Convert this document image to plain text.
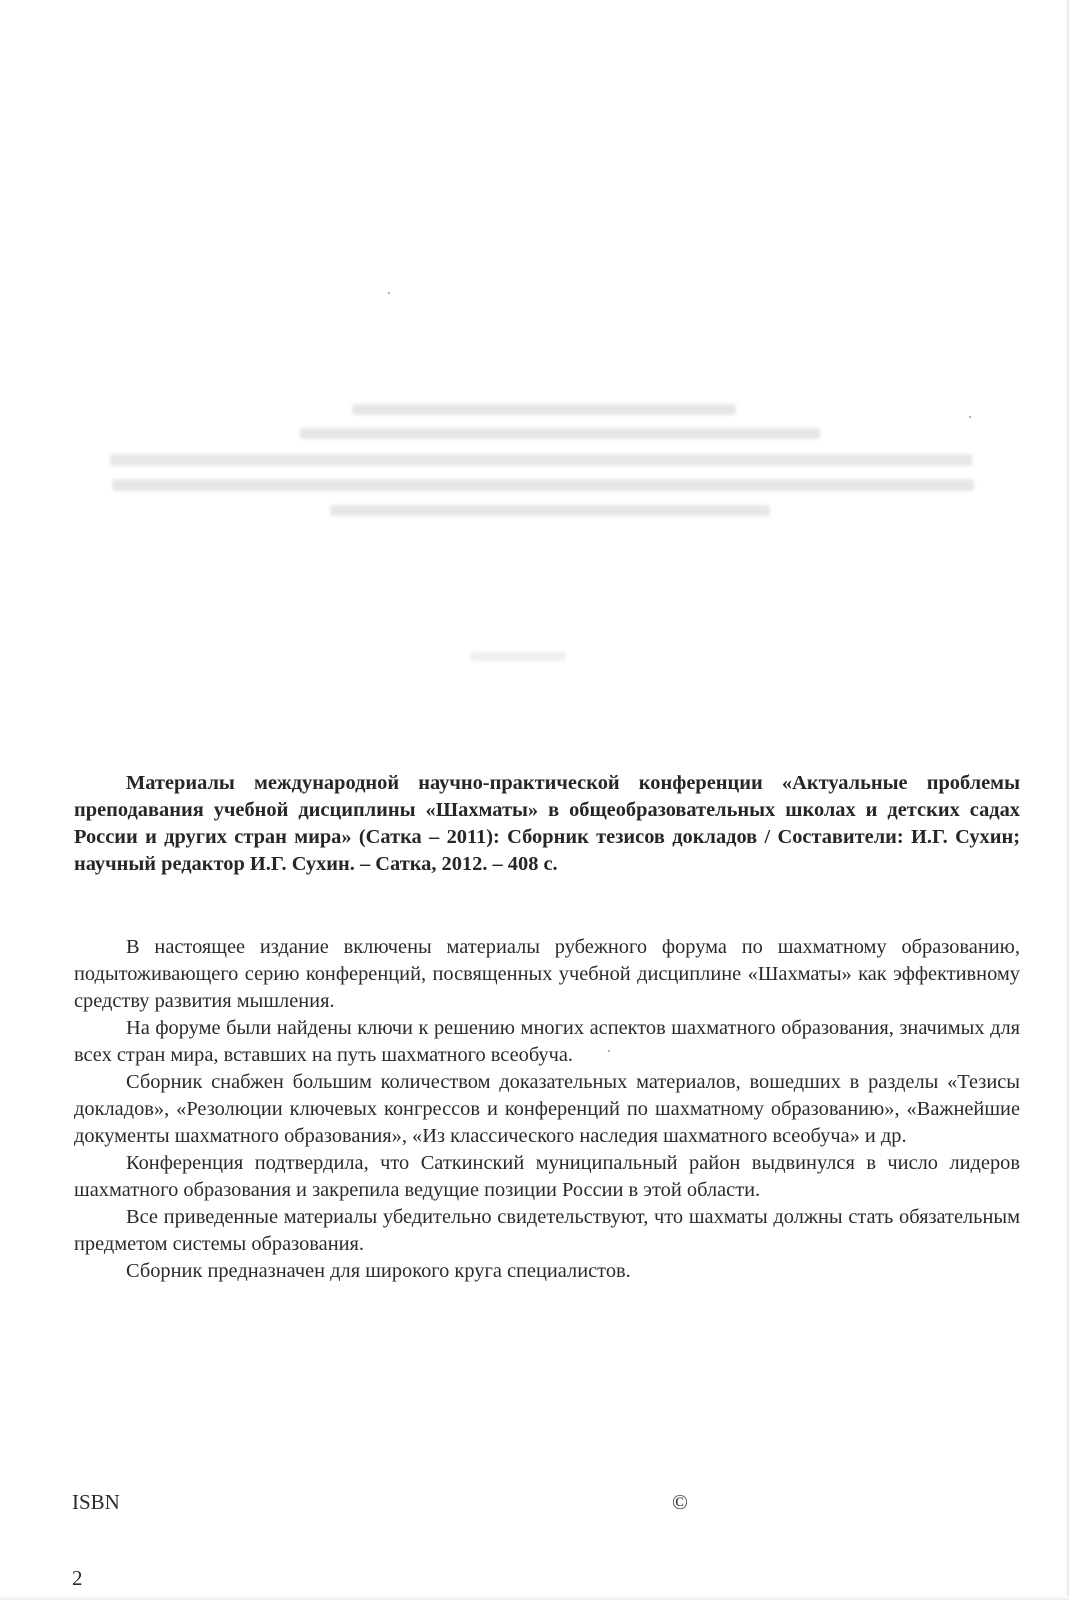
Материалы международной научно-практической конференции «Актуальные проблемы преподавания учебной дисциплины «Шахматы» в общеобразовательных школах и детских садах России и других стран мира» (Сатка – 2011): Сборник тезисов докладов / Составители: И.Г. Сухин; научный редактор И.Г. Сухин. – Сатка, 2012. – 408 с.

В настоящее издание включены материалы рубежного форума по шахматному образованию, подытоживающего серию конференций, посвященных учебной дисциплине «Шахматы» как эффективному средству развития мышления.

На форуме были найдены ключи к решению многих аспектов шахматного образования, значимых для всех стран мира, вставших на путь шахматного всеобуча.

Сборник снабжен большим количеством доказательных материалов, вошедших в разделы «Тезисы докладов», «Резолюции ключевых конгрессов и конференций по шахматному образованию», «Важнейшие документы шахматного образования», «Из классического наследия шахматного всеобуча» и др.

Конференция подтвердила, что Саткинский муниципальный район выдвинулся в число лидеров шахматного образования и закрепила ведущие позиции России в этой области.

Все приведенные материалы убедительно свидетельствуют, что шахматы должны стать обязательным предметом системы образования.

Сборник предназначен для широкого круга специалистов.

ISBN	©
2
